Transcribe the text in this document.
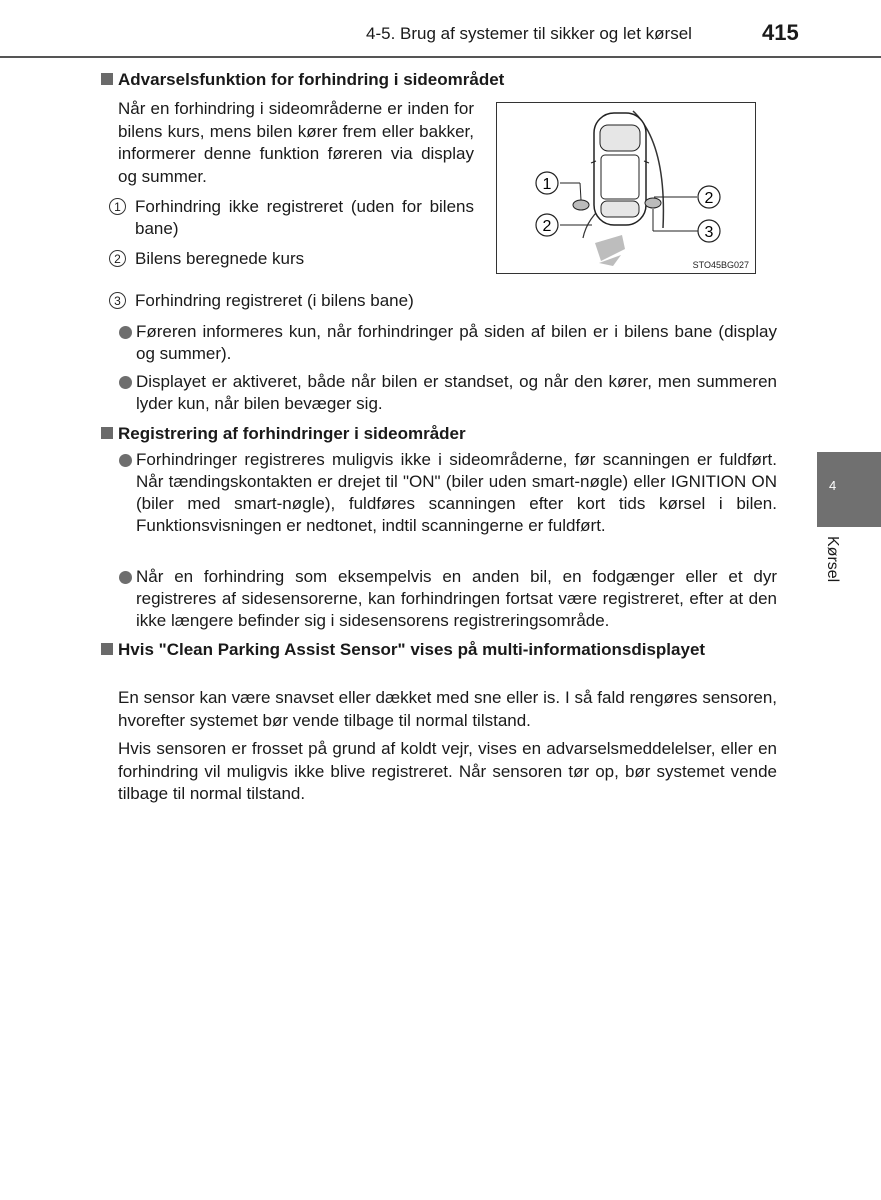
4-5. Brug af systemer til sikker og let kørsel	415
4
Kørsel
Advarselsfunktion for forhindring i sideområdet
Når en forhindring i sideområderne er inden for bilens kurs, mens bilen kører frem eller bakker, informerer denne funktion føreren via display og summer.
1 Forhindring ikke registreret (uden for bilens bane)
2 Bilens beregnede kurs
3 Forhindring registreret (i bilens bane)
Føreren informeres kun, når forhindringer på siden af bilen er i bilens bane (display og summer).
Displayet er aktiveret, både når bilen er standset, og når den kører, men summeren lyder kun, når bilen bevæger sig.
1
2
2
3
STO45BG027
Registrering af forhindringer i sideområder
Forhindringer registreres muligvis ikke i sideområderne, før scanningen er fuldført. Når tændingskontakten er drejet til "ON" (biler uden smart-nøgle) eller IGNITION ON (biler med smart-nøgle), fuldføres scanningen efter kort tids kørsel i bilen. Funktionsvisningen er nedtonet, indtil scanningerne er fuldført.
Når en forhindring som eksempelvis en anden bil, en fodgænger eller et dyr registreres af sidesensorerne, kan forhindringen fortsat være registreret, efter at den ikke længere befinder sig i sidesensorens registreringsområde.
Hvis "Clean Parking Assist Sensor" vises på multi-informationsdisplayet
En sensor kan være snavset eller dækket med sne eller is. I så fald rengøres sensoren, hvorefter systemet bør vende tilbage til normal tilstand.
Hvis sensoren er frosset på grund af koldt vejr, vises en advarselsmeddelelser, eller en forhindring vil muligvis ikke blive registreret. Når sensoren tør op, bør systemet vende tilbage til normal tilstand.
